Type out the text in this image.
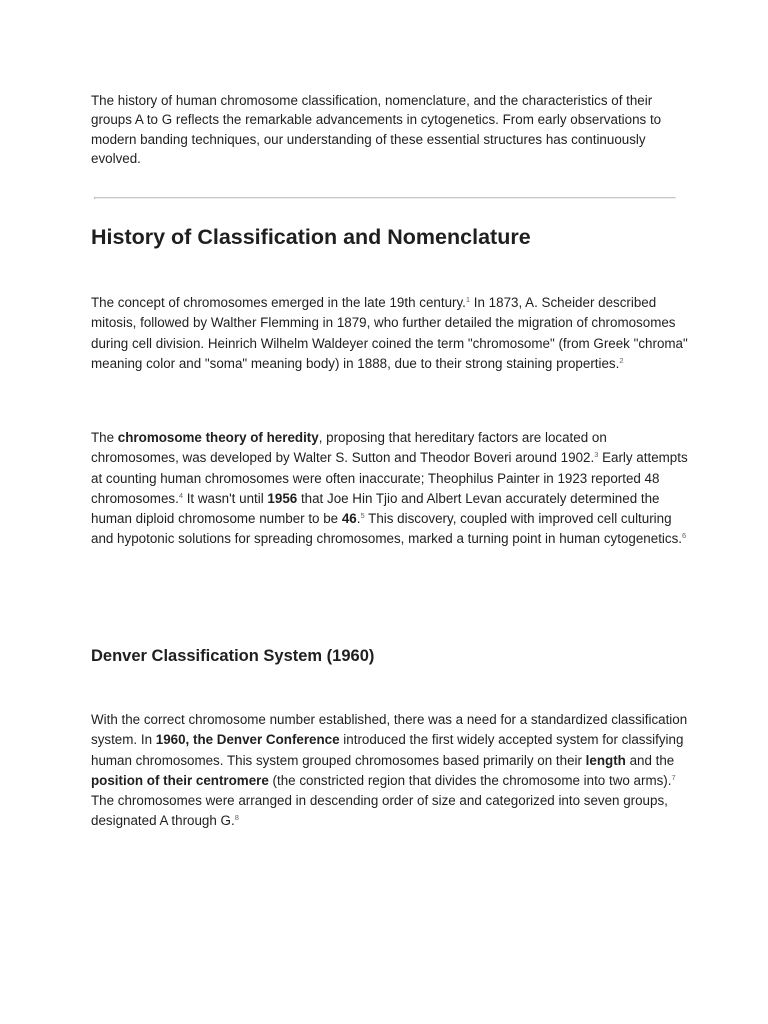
The history of human chromosome classification, nomenclature, and the characteristics of their groups A to G reflects the remarkable advancements in cytogenetics. From early observations to modern banding techniques, our understanding of these essential structures has continuously evolved.

History of Classification and Nomenclature

The concept of chromosomes emerged in the late 19th century.$^1$ In 1873, A. Scheider described mitosis, followed by Walther Flemming in 1879, who further detailed the migration of chromosomes during cell division. Heinrich Wilhelm Waldeyer coined the term "chromosome" (from Greek "chroma" meaning color and "soma" meaning body) in 1888, due to their strong staining properties.$^2$

The chromosome theory of heredity, proposing that hereditary factors are located on chromosomes, was developed by Walter S. Sutton and Theodor Boveri around 1902.$^3$ Early attempts at counting human chromosomes were often inaccurate; Theophilus Painter in 1923 reported 48 chromosomes.$^4$ It wasn't until 1956 that Joe Hin Tjio and Albert Levan accurately determined the human diploid chromosome number to be 46.$^5$ This discovery, coupled with improved cell culturing and hypotonic solutions for spreading chromosomes, marked a turning point in human cytogenetics.$^6$

Denver Classification System (1960)

With the correct chromosome number established, there was a need for a standardized classification system. In 1960, the Denver Conference introduced the first widely accepted system for classifying human chromosomes. This system grouped chromosomes based primarily on their length and the position of their centromere (the constricted region that divides the chromosome into two arms).$^7$ The chromosomes were arranged in descending order of size and categorized into seven groups, designated A through G.$^8$
